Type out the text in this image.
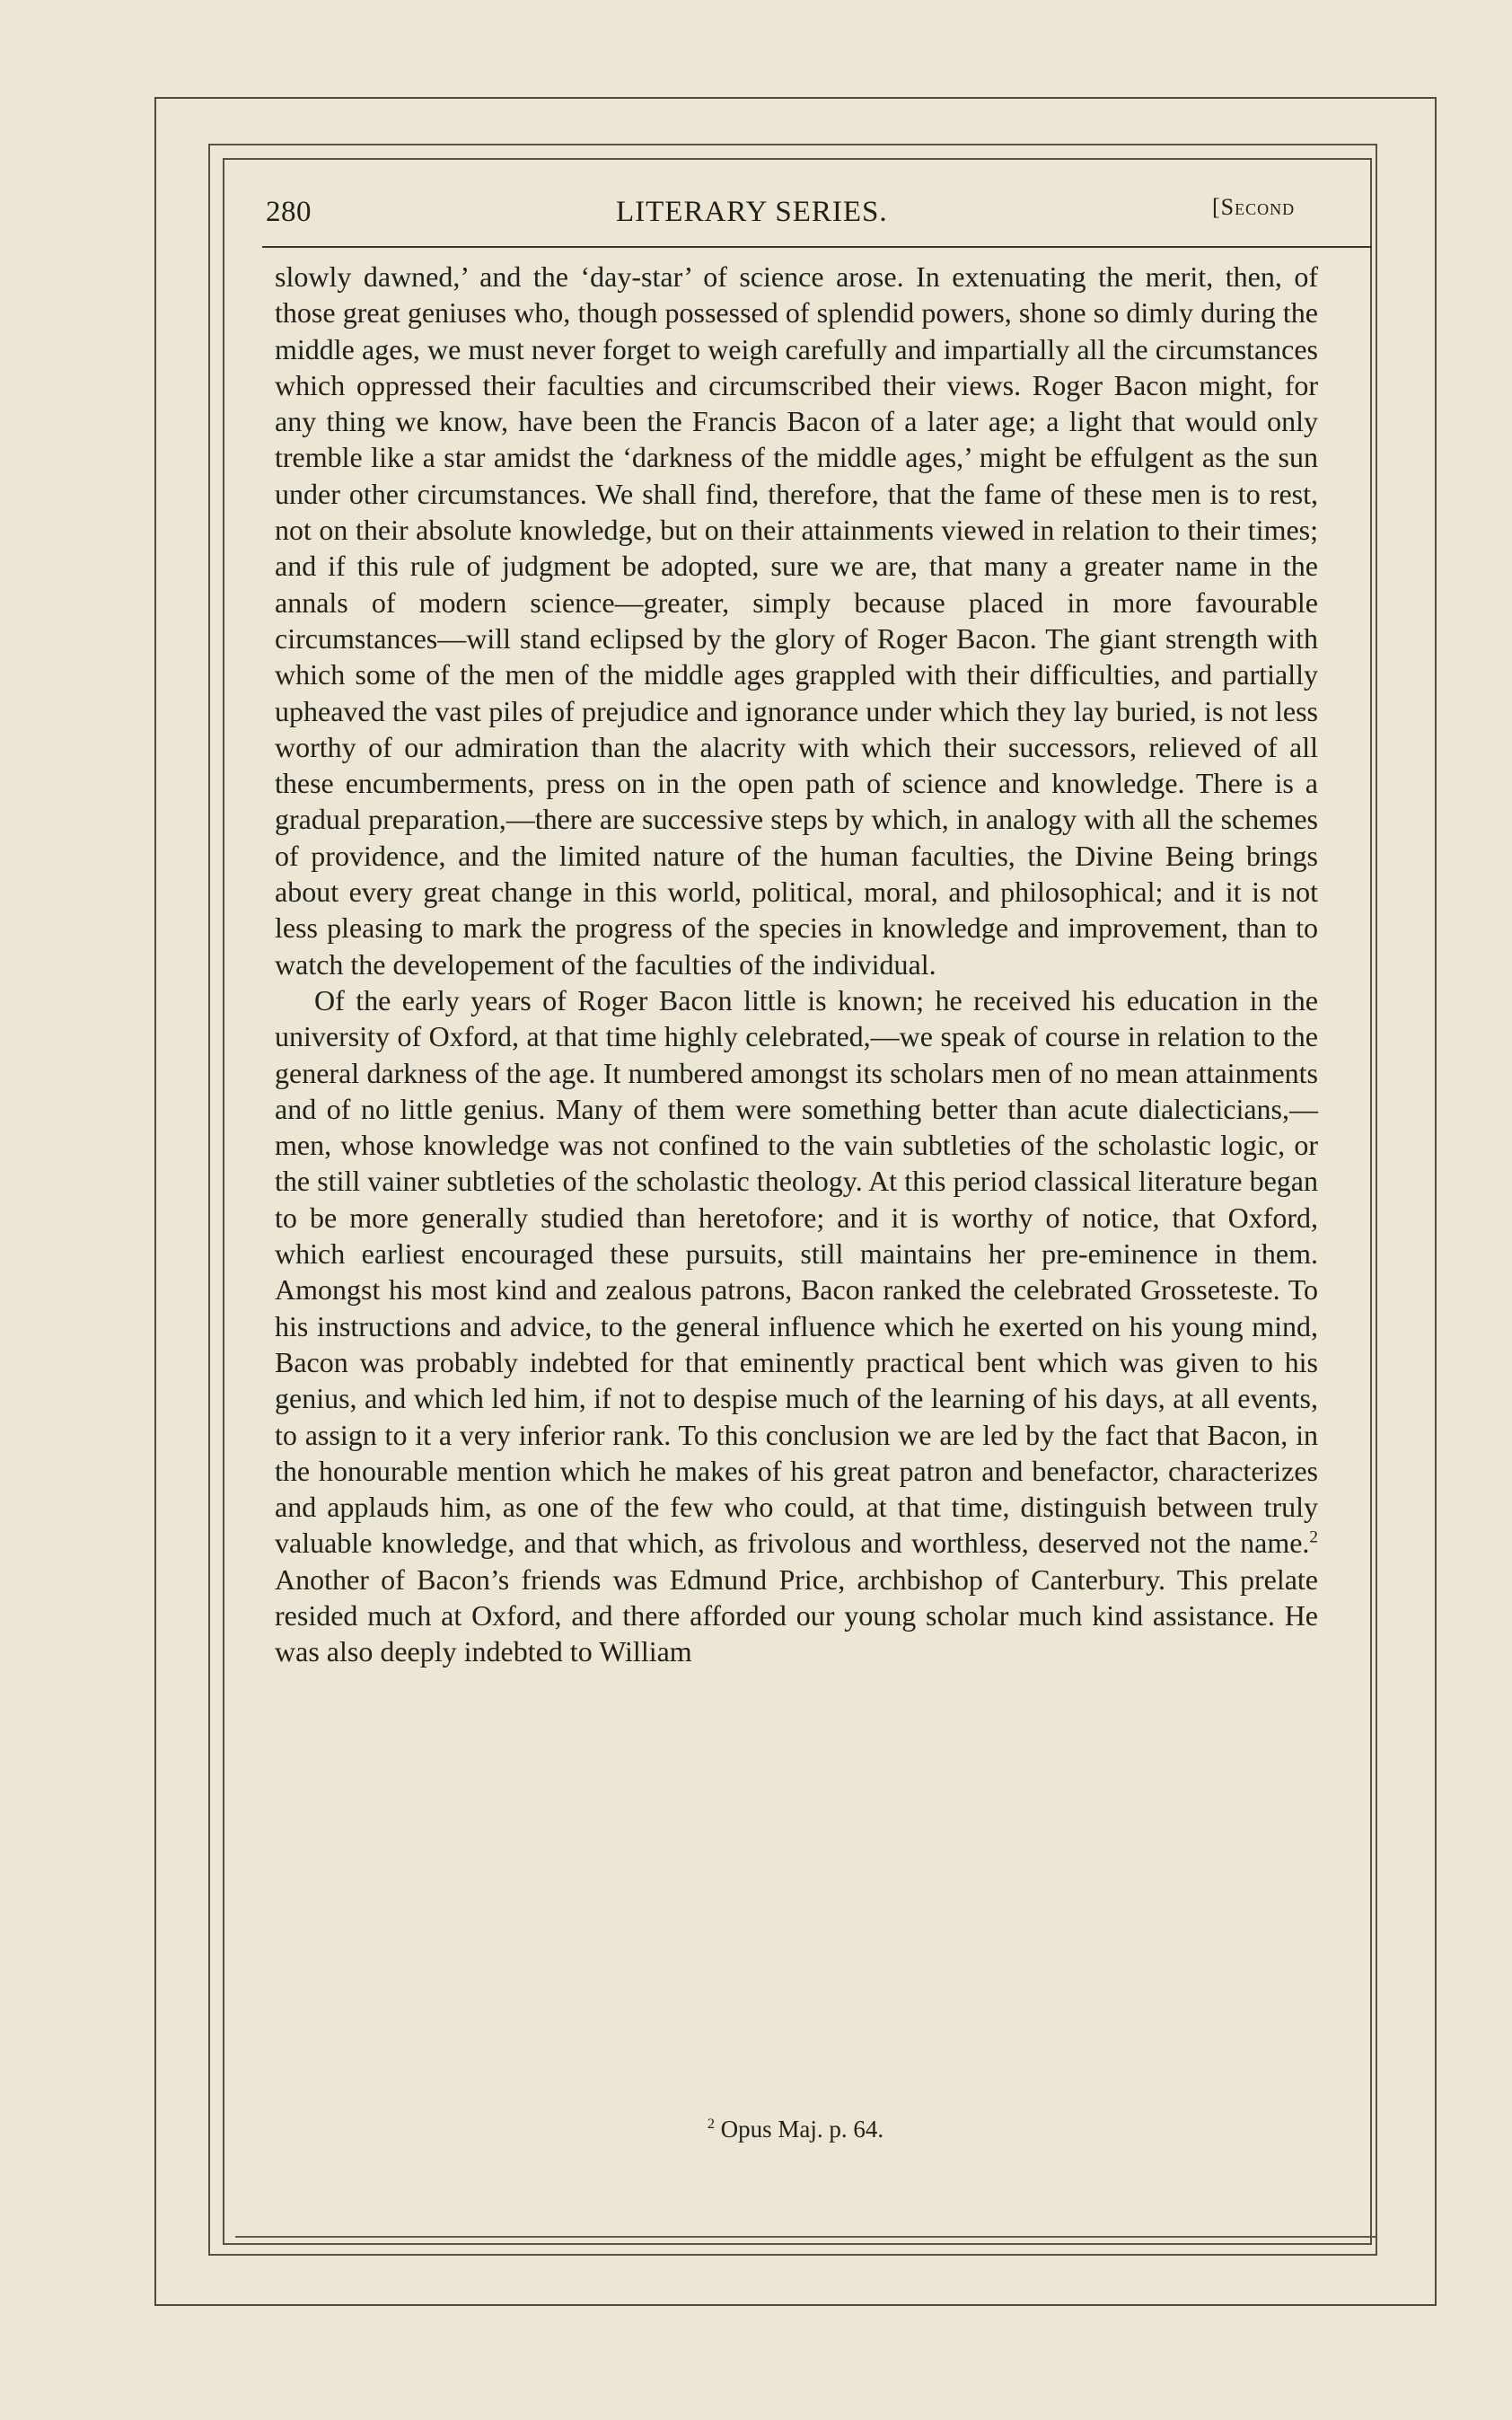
280	LITERARY SERIES.	[Second

slowly dawned,’ and the ‘day-star’ of science arose. In extenuating the merit, then, of those great geniuses who, though possessed of splendid powers, shone so dimly during the middle ages, we must never forget to weigh carefully and impartially all the circumstances which oppressed their faculties and circumscribed their views. Roger Bacon might, for any thing we know, have been the Francis Bacon of a later age; a light that would only tremble like a star amidst the ‘darkness of the middle ages,’ might be effulgent as the sun under other circumstances. We shall find, therefore, that the fame of these men is to rest, not on their absolute knowledge, but on their attainments viewed in relation to their times; and if this rule of judgment be adopted, sure we are, that many a greater name in the annals of modern science—greater, simply because placed in more favourable circumstances—will stand eclipsed by the glory of Roger Bacon. The giant strength with which some of the men of the middle ages grappled with their difficulties, and partially upheaved the vast piles of prejudice and ignorance under which they lay buried, is not less worthy of our admiration than the alacrity with which their successors, relieved of all these encumberments, press on in the open path of science and knowledge. There is a gradual preparation,—there are successive steps by which, in analogy with all the schemes of providence, and the limited nature of the human faculties, the Divine Being brings about every great change in this world, political, moral, and philosophical; and it is not less pleasing to mark the progress of the species in knowledge and improvement, than to watch the developement of the faculties of the individual.

Of the early years of Roger Bacon little is known; he received his education in the university of Oxford, at that time highly celebrated,—we speak of course in relation to the general darkness of the age. It numbered amongst its scholars men of no mean attainments and of no little genius. Many of them were something better than acute dialecticians,—men, whose knowledge was not confined to the vain subtleties of the scholastic logic, or the still vainer subtleties of the scholastic theology. At this period classical literature began to be more generally studied than heretofore; and it is worthy of notice, that Oxford, which earliest encouraged these pursuits, still maintains her pre-eminence in them. Amongst his most kind and zealous patrons, Bacon ranked the celebrated Grosseteste. To his instructions and advice, to the general influence which he exerted on his young mind, Bacon was probably indebted for that eminently practical bent which was given to his genius, and which led him, if not to despise much of the learning of his days, at all events, to assign to it a very inferior rank. To this conclusion we are led by the fact that Bacon, in the honourable mention which he makes of his great patron and benefactor, characterizes and applauds him, as one of the few who could, at that time, distinguish between truly valuable knowledge, and that which, as frivolous and worthless, deserved not the name.$^2$ Another of Bacon’s friends was Edmund Price, archbishop of Canterbury. This prelate resided much at Oxford, and there afforded our young scholar much kind assistance. He was also deeply indebted to William

$^2$ Opus Maj. p. 64.
